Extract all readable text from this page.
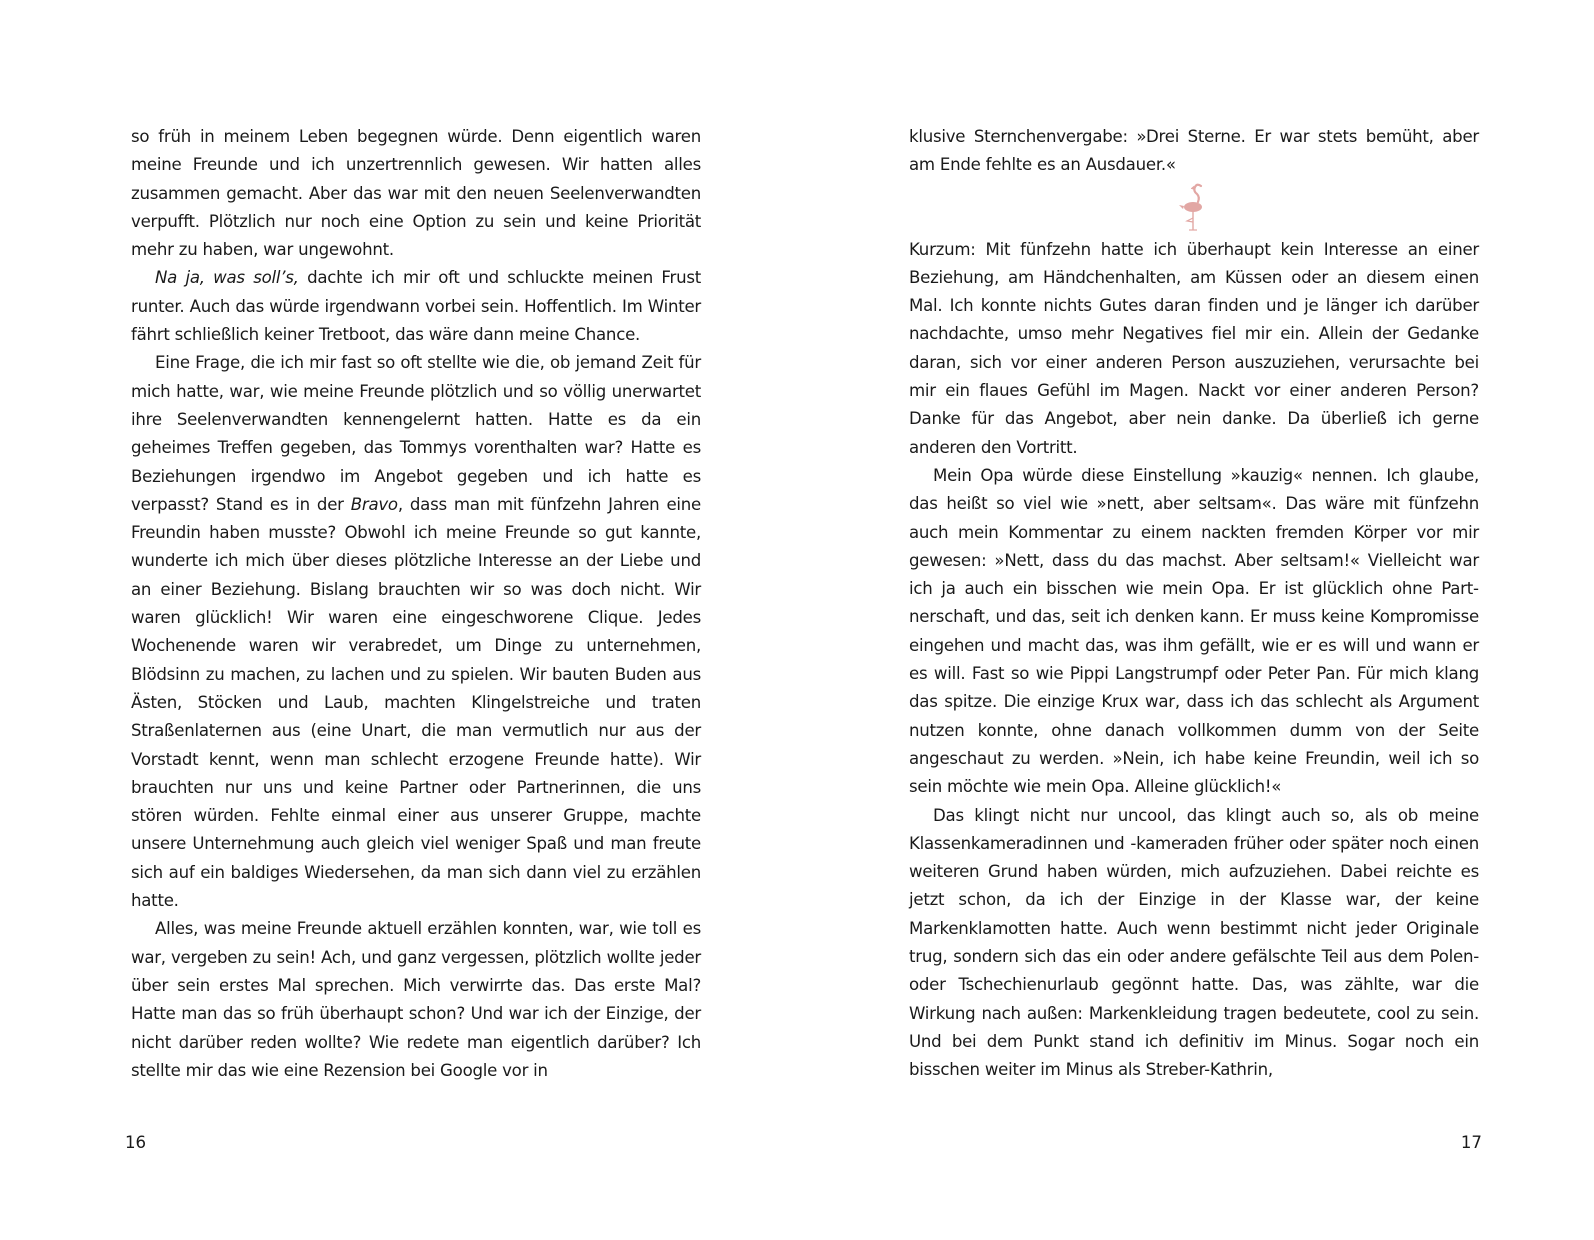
so früh in meinem Leben begegnen würde. Denn eigentlich waren meine Freunde und ich unzertrennlich gewesen. Wir hatten alles zusammen gemacht. Aber das war mit den neuen Seelenverwandten verpufft. Plötzlich nur noch eine Option zu sein und keine Priorität mehr zu haben, war ungewohnt.

Na ja, was soll’s, dachte ich mir oft und schluckte meinen Frust runter. Auch das würde irgendwann vorbei sein. Hoffentlich. Im Winter fährt schließlich keiner Tretboot, das wäre dann meine Chance.

Eine Frage, die ich mir fast so oft stellte wie die, ob jemand Zeit für mich hatte, war, wie meine Freunde plötzlich und so völlig unerwartet ihre Seelenverwandten kennengelernt hatten. Hatte es da ein geheimes Treffen gegeben, das Tommys vorenthalten war? Hatte es Beziehungen irgendwo im Angebot gegeben und ich hatte es verpasst? Stand es in der Bravo, dass man mit fünfzehn Jahren eine Freundin haben musste? Obwohl ich meine Freunde so gut kannte, wunderte ich mich über dieses plötzliche Interesse an der Liebe und an einer Beziehung. Bislang brauchten wir so was doch nicht. Wir waren glücklich! Wir waren eine eingeschworene Clique. Jedes Wochenende waren wir verabredet, um Dinge zu unternehmen, Blödsinn zu machen, zu lachen und zu spielen. Wir bauten Buden aus Ästen, Stöcken und Laub, machten Klingelstreiche und traten Straßenlaternen aus (eine Unart, die man vermutlich nur aus der Vorstadt kennt, wenn man schlecht erzogene Freunde hatte). Wir brauchten nur uns und keine Partner oder Partnerinnen, die uns stören würden. Fehlte einmal einer aus unserer Gruppe, machte unsere Unternehmung auch gleich viel weniger Spaß und man freute sich auf ein baldiges Wiedersehen, da man sich dann viel zu erzählen hatte.

Alles, was meine Freunde aktuell erzählen konnten, war, wie toll es war, vergeben zu sein! Ach, und ganz vergessen, plötzlich wollte jeder über sein erstes Mal sprechen. Mich verwirrte das. Das erste Mal? Hatte man das so früh überhaupt schon? Und war ich der Einzige, der nicht darüber reden wollte? Wie redete man eigentlich darüber? Ich stellte mir das wie eine Rezension bei Google vor in

16

klusive Sternchenvergabe: »Drei Sterne. Er war stets bemüht, aber am Ende fehlte es an Ausdauer.«

Kurzum: Mit fünfzehn hatte ich überhaupt kein Interesse an einer Beziehung, am Händchenhalten, am Küssen oder an diesem einen Mal. Ich konnte nichts Gutes daran finden und je länger ich darüber nachdachte, umso mehr Negatives fiel mir ein. Allein der Gedanke daran, sich vor einer anderen Person auszuziehen, verursachte bei mir ein flaues Gefühl im Magen. Nackt vor einer anderen Person? Danke für das Angebot, aber nein danke. Da überließ ich gerne anderen den Vortritt.

Mein Opa würde diese Einstellung »kauzig« nennen. Ich glaube, das heißt so viel wie »nett, aber seltsam«. Das wäre mit fünfzehn auch mein Kommentar zu einem nackten fremden Körper vor mir gewesen: »Nett, dass du das machst. Aber seltsam!« Vielleicht war ich ja auch ein bisschen wie mein Opa. Er ist glücklich ohne Partnerschaft, und das, seit ich denken kann. Er muss keine Kompromisse eingehen und macht das, was ihm gefällt, wie er es will und wann er es will. Fast so wie Pippi Langstrumpf oder Peter Pan. Für mich klang das spitze. Die einzige Krux war, dass ich das schlecht als Argument nutzen konnte, ohne danach vollkommen dumm von der Seite angeschaut zu werden. »Nein, ich habe keine Freundin, weil ich so sein möchte wie mein Opa. Alleine glücklich!«

Das klingt nicht nur uncool, das klingt auch so, als ob meine Klassenkameradinnen und -kameraden früher oder später noch einen weiteren Grund haben würden, mich aufzuziehen. Dabei reichte es jetzt schon, da ich der Einzige in der Klasse war, der keine Markenklamotten hatte. Auch wenn bestimmt nicht jeder Originale trug, sondern sich das ein oder andere gefälschte Teil aus dem Polen- oder Tschechienurlaub gegönnt hatte. Das, was zählte, war die Wirkung nach außen: Markenkleidung tragen bedeutete, cool zu sein. Und bei dem Punkt stand ich definitiv im Minus. Sogar noch ein bisschen weiter im Minus als Streber-Kathrin,

17
